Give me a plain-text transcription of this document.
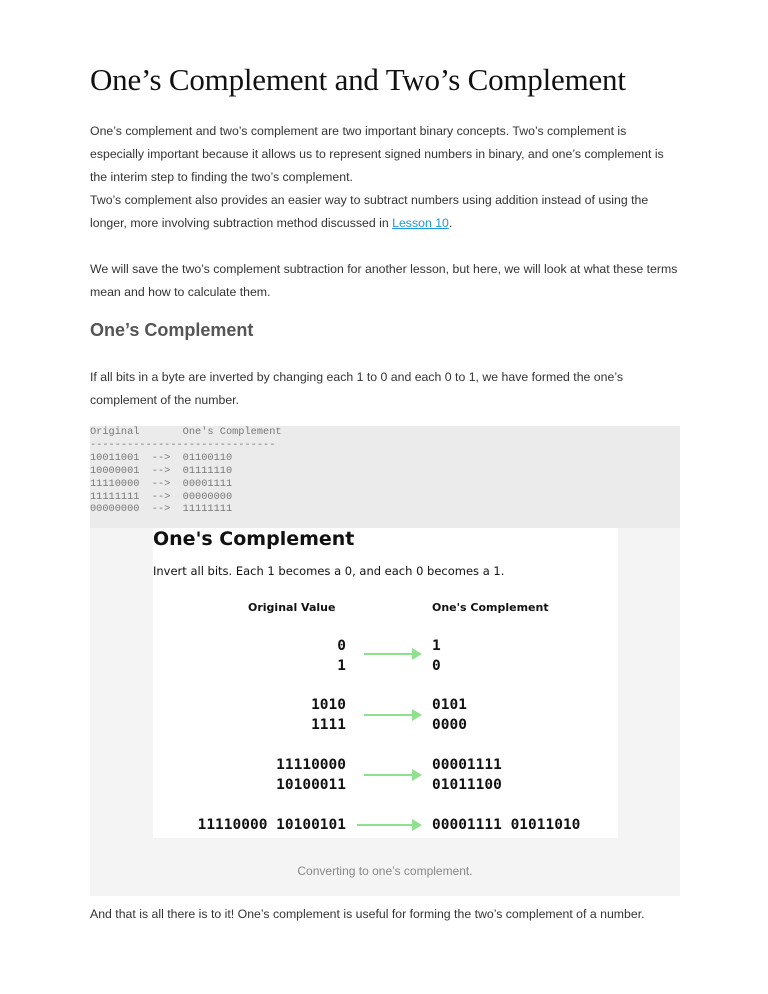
One’s Complement and Two’s Complement

One’s complement and two’s complement are two important binary concepts. Two’s complement is especially important because it allows us to represent signed numbers in binary, and one’s complement is the interim step to finding the two’s complement.

Two’s complement also provides an easier way to subtract numbers using addition instead of using the longer, more involving subtraction method discussed in Lesson 10.

We will save the two’s complement subtraction for another lesson, but here, we will look at what these terms mean and how to calculate them.

One’s Complement

If all bits in a byte are inverted by changing each 1 to 0 and each 0 to 1, we have formed the one’s complement of the number.

Original       One's Complement
------------------------------
10011001  -->  01100110
10000001  -->  01111110
11110000  -->  00001111
11111111  -->  00000000
00000000  -->  11111111
One's Complement
Invert all bits. Each 1 becomes a 0, and each 0 becomes a 1.
Original Value	One's Complement
0
1
1
0
1010
1111
0101
0000
11110000
10100011
00001111
01011100
11110000 10100101	00001111 01011010
Converting to one’s complement.

And that is all there is to it! One’s complement is useful for forming the two’s complement of a number.
